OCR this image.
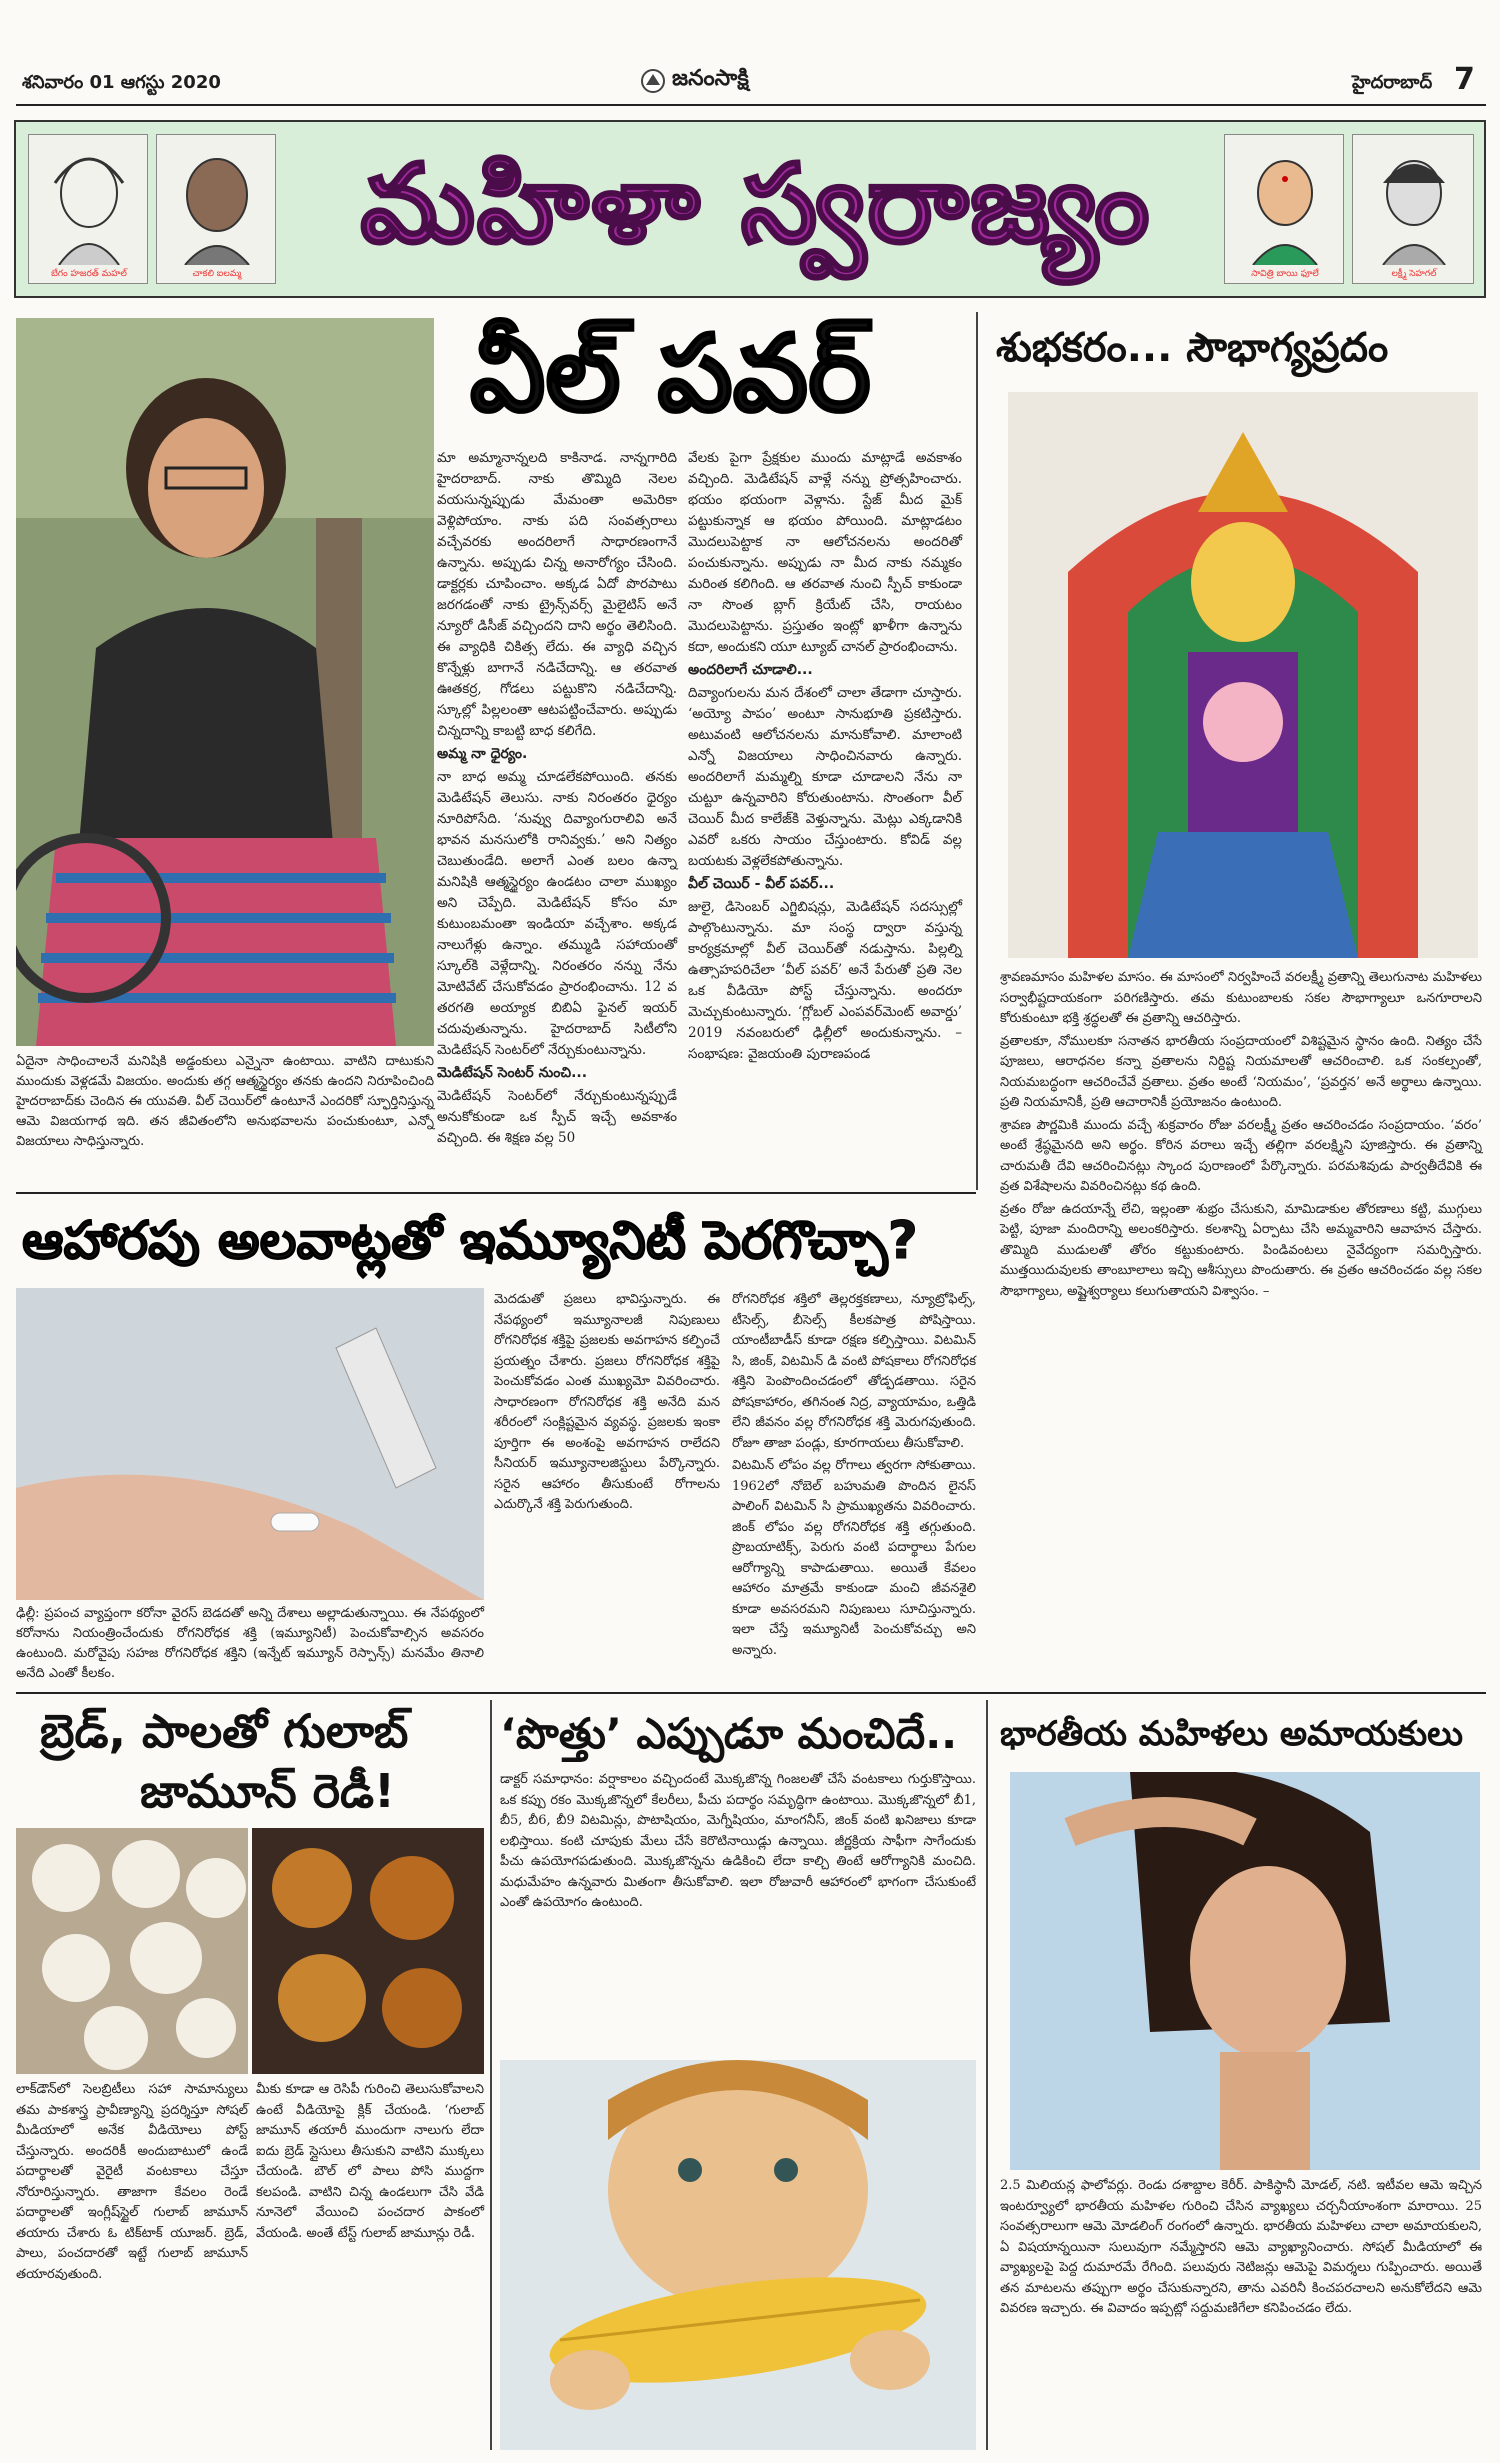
శనివారం 01 ఆగస్టు 2020	జనంసాక్షి	హైదరాబాద్ 7
బేగం హజరత్ మహల్	చాకలి ఐలమ్మ
మహిళా స్వరాజ్యం
సావిత్రి బాయి ఫూలే	లక్ష్మీ సెహగల్
వీల్ పవర్

మా అమ్మానాన్నలది కాకినాడ. నాన్నగారిది హైదరాబాద్. నాకు తొమ్మిది నెలల వయసున్నప్పుడు మేమంతా అమెరికా వెళ్లిపోయాం. నాకు పది సంవత్సరాలు వచ్చేవరకు అందరిలాగే సాధారణంగానే ఉన్నాను. అప్పుడు చిన్న అనారోగ్యం చేసింది. డాక్టర్లకు చూపించాం. అక్కడ ఏదో పొరపాటు జరగడంతో నాకు ట్రైన్స్‌వర్స్ మైలైటిస్ అనే న్యూరో డిసీజ్ వచ్చిందని దాని అర్థం తెలిసింది. ఈ వ్యాధికి చికిత్స లేదు. ఈ వ్యాధి వచ్చిన కొన్నేళ్లు బాగానే నడిచేదాన్ని. ఆ తరవాత ఊతకర్ర, గోడలు పట్టుకొని నడిచేదాన్ని. స్కూల్లో పిల్లలంతా ఆటపట్టించేవారు. అప్పుడు చిన్నదాన్ని కాబట్టి బాధ కలిగేది.

అమ్మ నా ధైర్యం.

నా బాధ అమ్మ చూడలేకపోయింది. తనకు మెడిటేషన్ తెలుసు. నాకు నిరంతరం ధైర్యం నూరిపోసేది. ‘నువ్వు దివ్యాంగురాలివి అనే భావన మనసులోకి రానివ్వకు.’ అని నిత్యం చెబుతుండేది. అలాగే ఎంత బలం ఉన్నా మనిషికి ఆత్మస్థైర్యం ఉండటం చాలా ముఖ్యం అని చెప్పేది. మెడిటేషన్ కోసం మా కుటుంబమంతా ఇండియా వచ్చేశాం. అక్కడ నాలుగేళ్లు ఉన్నాం. తమ్ముడి సహాయంతో స్కూల్‌కి వెళ్లేదాన్ని. నిరంతరం నన్ను నేను మోటివేట్ చేసుకోవడం ప్రారంభించాను. 12 వ తరగతి అయ్యాక బిబిఏ ఫైనల్ ఇయర్ చదువుతున్నాను. హైదరాబాద్ సిటీలోని మెడిటేషన్ సెంటర్‌లో నేర్చుకుంటున్నాను.

మెడిటేషన్ సెంటర్ నుంచి...

మెడిటేషన్ సెంటర్‌లో నేర్చుకుంటున్నప్పుడే అనుకోకుండా ఒక స్పీచ్ ఇచ్చే అవకాశం వచ్చింది. ఈ శిక్షణ వల్ల 50

వేలకు పైగా ప్రేక్షకుల ముందు మాట్లాడే అవకాశం వచ్చింది. మెడిటేషన్ వాళ్లే నన్ను ప్రోత్సహించారు. భయం భయంగా వెళ్లాను. స్టేజ్ మీద మైక్ పట్టుకున్నాక ఆ భయం పోయింది. మాట్లాడటం మొదలుపెట్టాక నా ఆలోచనలను అందరితో పంచుకున్నాను. అప్పుడు నా మీద నాకు నమ్మకం మరింత కలిగింది. ఆ తరవాత నుంచి స్పీచ్ కాకుండా నా సొంత బ్లాగ్ క్రియేట్ చేసి, రాయటం మొదలుపెట్టాను. ప్రస్తుతం ఇంట్లో ఖాళీగా ఉన్నాను కదా, అందుకని యూ ట్యూబ్ చానల్ ప్రారంభించాను.

అందరిలాగే చూడాలి...

దివ్యాంగులను మన దేశంలో చాలా తేడాగా చూస్తారు. ‘అయ్యో పాపం’ అంటూ సానుభూతి ప్రకటిస్తారు. అటువంటి ఆలోచనలను మానుకోవాలి. మాలాంటి ఎన్నో విజయాలు సాధించినవారు ఉన్నారు. అందరిలాగే మమ్మల్ని కూడా చూడాలని నేను నా చుట్టూ ఉన్నవారిని కోరుతుంటాను. సొంతంగా వీల్ చెయిర్ మీద కాలేజ్‌కి వెళ్తున్నాను. మెట్లు ఎక్కడానికి ఎవరో ఒకరు సాయం చేస్తుంటారు. కోవిడ్ వల్ల బయటకు వెళ్లలేకపోతున్నాను.

వీల్ చెయిర్ - వీల్ పవర్...

జులై, డిసెంబర్ ఎగ్జిబిషన్లు, మెడిటేషన్ సదస్సుల్లో పాల్గొంటున్నాను. మా సంస్థ ద్వారా వస్తున్న కార్యక్రమాల్లో వీల్ చెయిర్‌తో నడుస్తాను. పిల్లల్ని ఉత్సాహపరిచేలా ‘వీల్ పవర్’ అనే పేరుతో ప్రతి నెల ఒక వీడియో పోస్ట్ చేస్తున్నాను. అందరూ మెచ్చుకుంటున్నారు. ‘గ్లోబల్ ఎంపవర్‌మెంట్ అవార్డు’ 2019 నవంబరులో ఢిల్లీలో అందుకున్నాను. – సంభాషణ: వైజయంతి పురాణపండ

ఏదైనా సాధించాలనే మనిషికి అడ్డంకులు ఎన్నైనా ఉంటాయి. వాటిని దాటుకుని ముందుకు వెళ్లడమే విజయం. అందుకు తగ్గ ఆత్మస్థైర్యం తనకు ఉందని నిరూపించింది హైదరాబాద్‌కు చెందిన ఈ యువతి. వీల్ చెయిర్‌లో ఉంటూనే ఎందరికో స్ఫూర్తినిస్తున్న ఆమె విజయగాథ ఇది. తన జీవితంలోని అనుభవాలను పంచుకుంటూ, ఎన్నో విజయాలు సాధిస్తున్నారు.
శుభకరం... సౌభాగ్యప్రదం

శ్రావణమాసం మహిళల మాసం. ఈ మాసంలో నిర్వహించే వరలక్ష్మీ వ్రతాన్ని తెలుగునాట మహిళలు సర్వాభీష్టదాయకంగా పరిగణిస్తారు. తమ కుటుంబాలకు సకల సౌభాగ్యాలూ ఒనగూరాలని కోరుకుంటూ భక్తి శ్రద్ధలతో ఈ వ్రతాన్ని ఆచరిస్తారు.

వ్రతాలకూ, నోములకూ సనాతన భారతీయ సంప్రదాయంలో విశిష్టమైన స్థానం ఉంది. నిత్యం చేసే పూజలు, ఆరాధనల కన్నా వ్రతాలను నిర్దిష్ట నియమాలతో ఆచరించాలి. ఒక సంకల్పంతో, నియమబద్ధంగా ఆచరించేవే వ్రతాలు. వ్రతం అంటే ‘నియమం’, ‘ప్రవర్తన’ అనే అర్థాలు ఉన్నాయి. ప్రతి నియమానికీ, ప్రతి ఆచారానికీ ప్రయోజనం ఉంటుంది.

శ్రావణ పౌర్ణమికి ముందు వచ్చే శుక్రవారం రోజు వరలక్ష్మీ వ్రతం ఆచరించడం సంప్రదాయం. ‘వరం’ అంటే శ్రేష్ఠమైనది అని అర్థం. కోరిన వరాలు ఇచ్చే తల్లిగా వరలక్ష్మిని పూజిస్తారు. ఈ వ్రతాన్ని చారుమతీ దేవి ఆచరించినట్లు స్కాంద పురాణంలో పేర్కొన్నారు. పరమశివుడు పార్వతీదేవికి ఈ వ్రత విశేషాలను వివరించినట్లు కథ ఉంది.

వ్రతం రోజు ఉదయాన్నే లేచి, ఇల్లంతా శుభ్రం చేసుకుని, మామిడాకుల తోరణాలు కట్టి, ముగ్గులు పెట్టి, పూజా మందిరాన్ని అలంకరిస్తారు. కలశాన్ని ఏర్పాటు చేసి అమ్మవారిని ఆవాహన చేస్తారు. తొమ్మిది ముడులతో తోరం కట్టుకుంటారు. పిండివంటలు నైవేద్యంగా సమర్పిస్తారు. ముత్తయిదువులకు తాంబూలాలు ఇచ్చి ఆశీస్సులు పొందుతారు. ఈ వ్రతం ఆచరించడం వల్ల సకల సౌభాగ్యాలు, అష్టైశ్వర్యాలు కలుగుతాయని విశ్వాసం. –

ఆహారపు అలవాట్లతో ఇమ్యూనిటీ పెరగొచ్చా?

మెదడుతో ప్రజలు భావిస్తున్నారు. ఈ నేపథ్యంలో ఇమ్యూనాలజీ నిపుణులు రోగనిరోధక శక్తిపై ప్రజలకు అవగాహన కల్పించే ప్రయత్నం చేశారు. ప్రజలు రోగనిరోధక శక్తిపై పెంచుకోవడం ఎంత ముఖ్యమో వివరించారు. సాధారణంగా రోగనిరోధక శక్తి అనేది మన శరీరంలో సంక్లిష్టమైన వ్యవస్థ. ప్రజలకు ఇంకా పూర్తిగా ఈ అంశంపై అవగాహన రాలేదని సీనియర్ ఇమ్యూనాలజిస్టులు పేర్కొన్నారు. సరైన ఆహారం తీసుకుంటే రోగాలను ఎదుర్కొనే శక్తి పెరుగుతుంది.

రోగనిరోధక శక్తిలో తెల్లరక్తకణాలు, న్యూట్రోఫిల్స్, టీసెల్స్, బీసెల్స్ కీలకపాత్ర పోషిస్తాయి. యాంటీబాడీస్ కూడా రక్షణ కల్పిస్తాయి. విటమిన్ సి, జింక్, విటమిన్ డి వంటి పోషకాలు రోగనిరోధక శక్తిని పెంపొందించడంలో తోడ్పడతాయి. సరైన పోషకాహారం, తగినంత నిద్ర, వ్యాయామం, ఒత్తిడి లేని జీవనం వల్ల రోగనిరోధక శక్తి మెరుగవుతుంది. రోజూ తాజా పండ్లు, కూరగాయలు తీసుకోవాలి.

విటమిన్ లోపం వల్ల రోగాలు త్వరగా సోకుతాయి. 1962లో నోబెల్ బహుమతి పొందిన లైనస్ పాలింగ్ విటమిన్ సి ప్రాముఖ్యతను వివరించారు. జింక్ లోపం వల్ల రోగనిరోధక శక్తి తగ్గుతుంది. ప్రొబయాటిక్స్, పెరుగు వంటి పదార్థాలు పేగుల ఆరోగ్యాన్ని కాపాడుతాయి. అయితే కేవలం ఆహారం మాత్రమే కాకుండా మంచి జీవనశైలి కూడా అవసరమని నిపుణులు సూచిస్తున్నారు. ఇలా చేస్తే ఇమ్యూనిటీ పెంచుకోవచ్చు అని అన్నారు.

ఢిల్లీ: ప్రపంచ వ్యాప్తంగా కరోనా వైరస్ బెడదతో అన్ని దేశాలు అల్లాడుతున్నాయి. ఈ నేపథ్యంలో కరోనాను నియంత్రించేందుకు రోగనిరోధక శక్తి (ఇమ్యూనిటీ) పెంచుకోవాల్సిన అవసరం ఉంటుంది. మరోవైపు సహజ రోగనిరోధక శక్తిని (ఇన్నేట్ ఇమ్యూన్ రెస్పాన్స్) మనమేం తినాలి అనేది ఎంతో కీలకం.
బ్రెడ్, పాలతో గులాబ్
జామూన్ రెడీ!

లాక్‌డౌన్‌లో సెలబ్రిటీలు సహా సామాన్యులు తమ పాకశాస్త్ర ప్రావీణ్యాన్ని ప్రదర్శిస్తూ సోషల్ మీడియాలో అనేక వీడియోలు పోస్ట్ చేస్తున్నారు. అందరికీ అందుబాటులో ఉండే పదార్థాలతో వైరైటీ వంటకాలు చేస్తూ నోరూరిస్తున్నారు. తాజాగా కేవలం రెండే పదార్థాలతో ఇంగ్లీష్‌స్టైల్ గులాబ్ జామూన్ తయారు చేశారు ఓ టిక్‌టాక్ యూజర్. బ్రెడ్, పాలు, పంచదారతో ఇట్టే గులాబ్ జామూన్ తయారవుతుంది.

మీకు కూడా ఆ రెసిపీ గురించి తెలుసుకోవాలని ఉంటే వీడియోపై క్లిక్ చేయండి. ‘గులాబ్ జామూన్ తయారీ ముందుగా నాలుగు లేదా ఐదు బ్రెడ్ స్లైసులు తీసుకుని వాటిని ముక్కలు చేయండి. బౌల్ లో పాలు పోసి ముద్దగా కలపండి. వాటిని చిన్న ఉండలుగా చేసి వేడి నూనెలో వేయించి పంచదార పాకంలో వేయండి. అంతే టేస్ట్ గులాబ్ జామూన్లు రెడీ.

‘పొత్తు’ ఎప్పుడూ మంచిదే..

డాక్టర్ సమాధానం: వర్షాకాలం వచ్చిందంటే మొక్కజొన్న గింజలతో చేసే వంటకాలు గుర్తుకొస్తాయి. ఒక కప్పు రకం మొక్కజొన్నలో కేలరీలు, పీచు పదార్థం సమృద్ధిగా ఉంటాయి. మొక్కజొన్నలో బీ1, బీ5, బీ6, బీ9 విటమిన్లు, పొటాషియం, మెగ్నీషియం, మాంగనీస్, జింక్ వంటి ఖనిజాలు కూడా లభిస్తాయి. కంటి చూపుకు మేలు చేసే కెరొటినాయిడ్లు ఉన్నాయి. జీర్ణక్రియ సాఫీగా సాగేందుకు పీచు ఉపయోగపడుతుంది. మొక్కజొన్నను ఉడికించి లేదా కాల్చి తింటే ఆరోగ్యానికి మంచిది. మధుమేహం ఉన్నవారు మితంగా తీసుకోవాలి. ఇలా రోజువారీ ఆహారంలో భాగంగా చేసుకుంటే ఎంతో ఉపయోగం ఉంటుంది.

భారతీయ మహిళలు అమాయకులు

2.5 మిలియన్ల ఫాలోవర్లు. రెండు దశాబ్దాల కెరీర్. పాకిస్థానీ మోడల్, నటి. ఇటీవల ఆమె ఇచ్చిన ఇంటర్వ్యూలో భారతీయ మహిళల గురించి చేసిన వ్యాఖ్యలు చర్చనీయాంశంగా మారాయి. 25 సంవత్సరాలుగా ఆమె మోడలింగ్ రంగంలో ఉన్నారు. భారతీయ మహిళలు చాలా అమాయకులని, ఏ విషయాన్నయినా సులువుగా నమ్మేస్తారని ఆమె వ్యాఖ్యానించారు. సోషల్ మీడియాలో ఈ వ్యాఖ్యలపై పెద్ద దుమారమే రేగింది. పలువురు నెటిజన్లు ఆమెపై విమర్శలు గుప్పించారు. అయితే తన మాటలను తప్పుగా అర్థం చేసుకున్నారని, తాను ఎవరినీ కించపరచాలని అనుకోలేదని ఆమె వివరణ ఇచ్చారు. ఈ వివాదం ఇప్పట్లో సద్దుమణిగేలా కనిపించడం లేదు.
